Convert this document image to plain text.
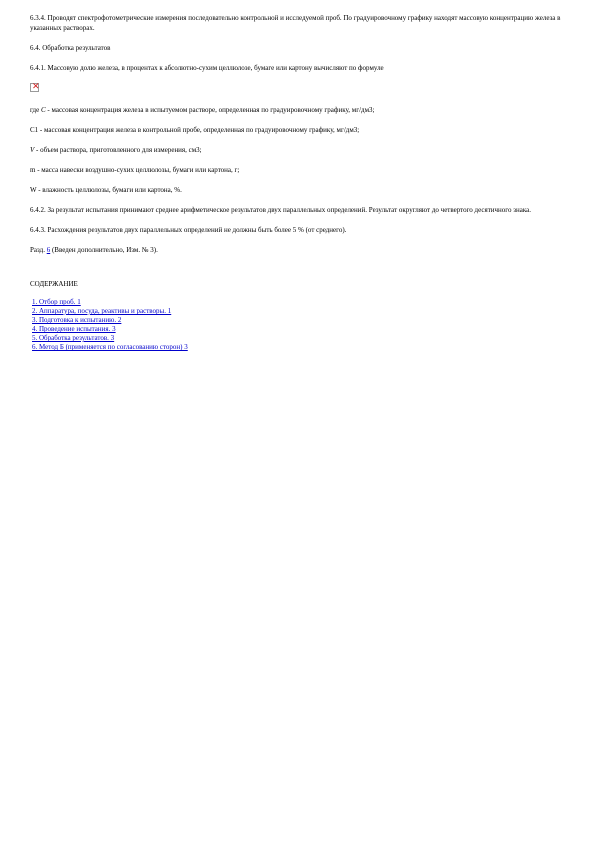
6.3.4. Проводят спектрофотометрические измерения последовательно контрольной и исследуемой проб. По градуировочному графику находят массовую концентрацию железа в указанных растворах.

6.4. Обработка результатов

6.4.1. Массовую долю железа, в процентах к абсолютно-сухим целлюлозе, бумаге или картону вычисляют по формуле

✕

где С - массовая концентрация железа в испытуемом растворе, определенная по градуировочному графику, мг/дм3;

С1 - массовая концентрация железа в контрольной пробе, определенная по градуировочному графику, мг/дм3;

V - объем раствора, приготовленного для измерения, см3;

m - масса навески воздушно-сухих целлюлозы, бумаги или картона, г;

W - влажность целлюлозы, бумаги или картона, %.

6.4.2. За результат испытания принимают среднее арифметическое результатов двух параллельных определений. Результат округляют до четвертого десятичного знака.

6.4.3. Расхождения результатов двух параллельных определений не должны быть более 5 % (от среднего).

Разд. 6 (Введен дополнительно, Изм. № 3).

СОДЕРЖАНИЕ

1. Отбор проб. 1
2. Аппаратура, посуда, реактивы и растворы. 1
3. Подготовка к испытанию. 2
4. Проведение испытания. 3
5. Обработка результатов. 3
6. Метод Б (применяется по согласованию сторон) 3
